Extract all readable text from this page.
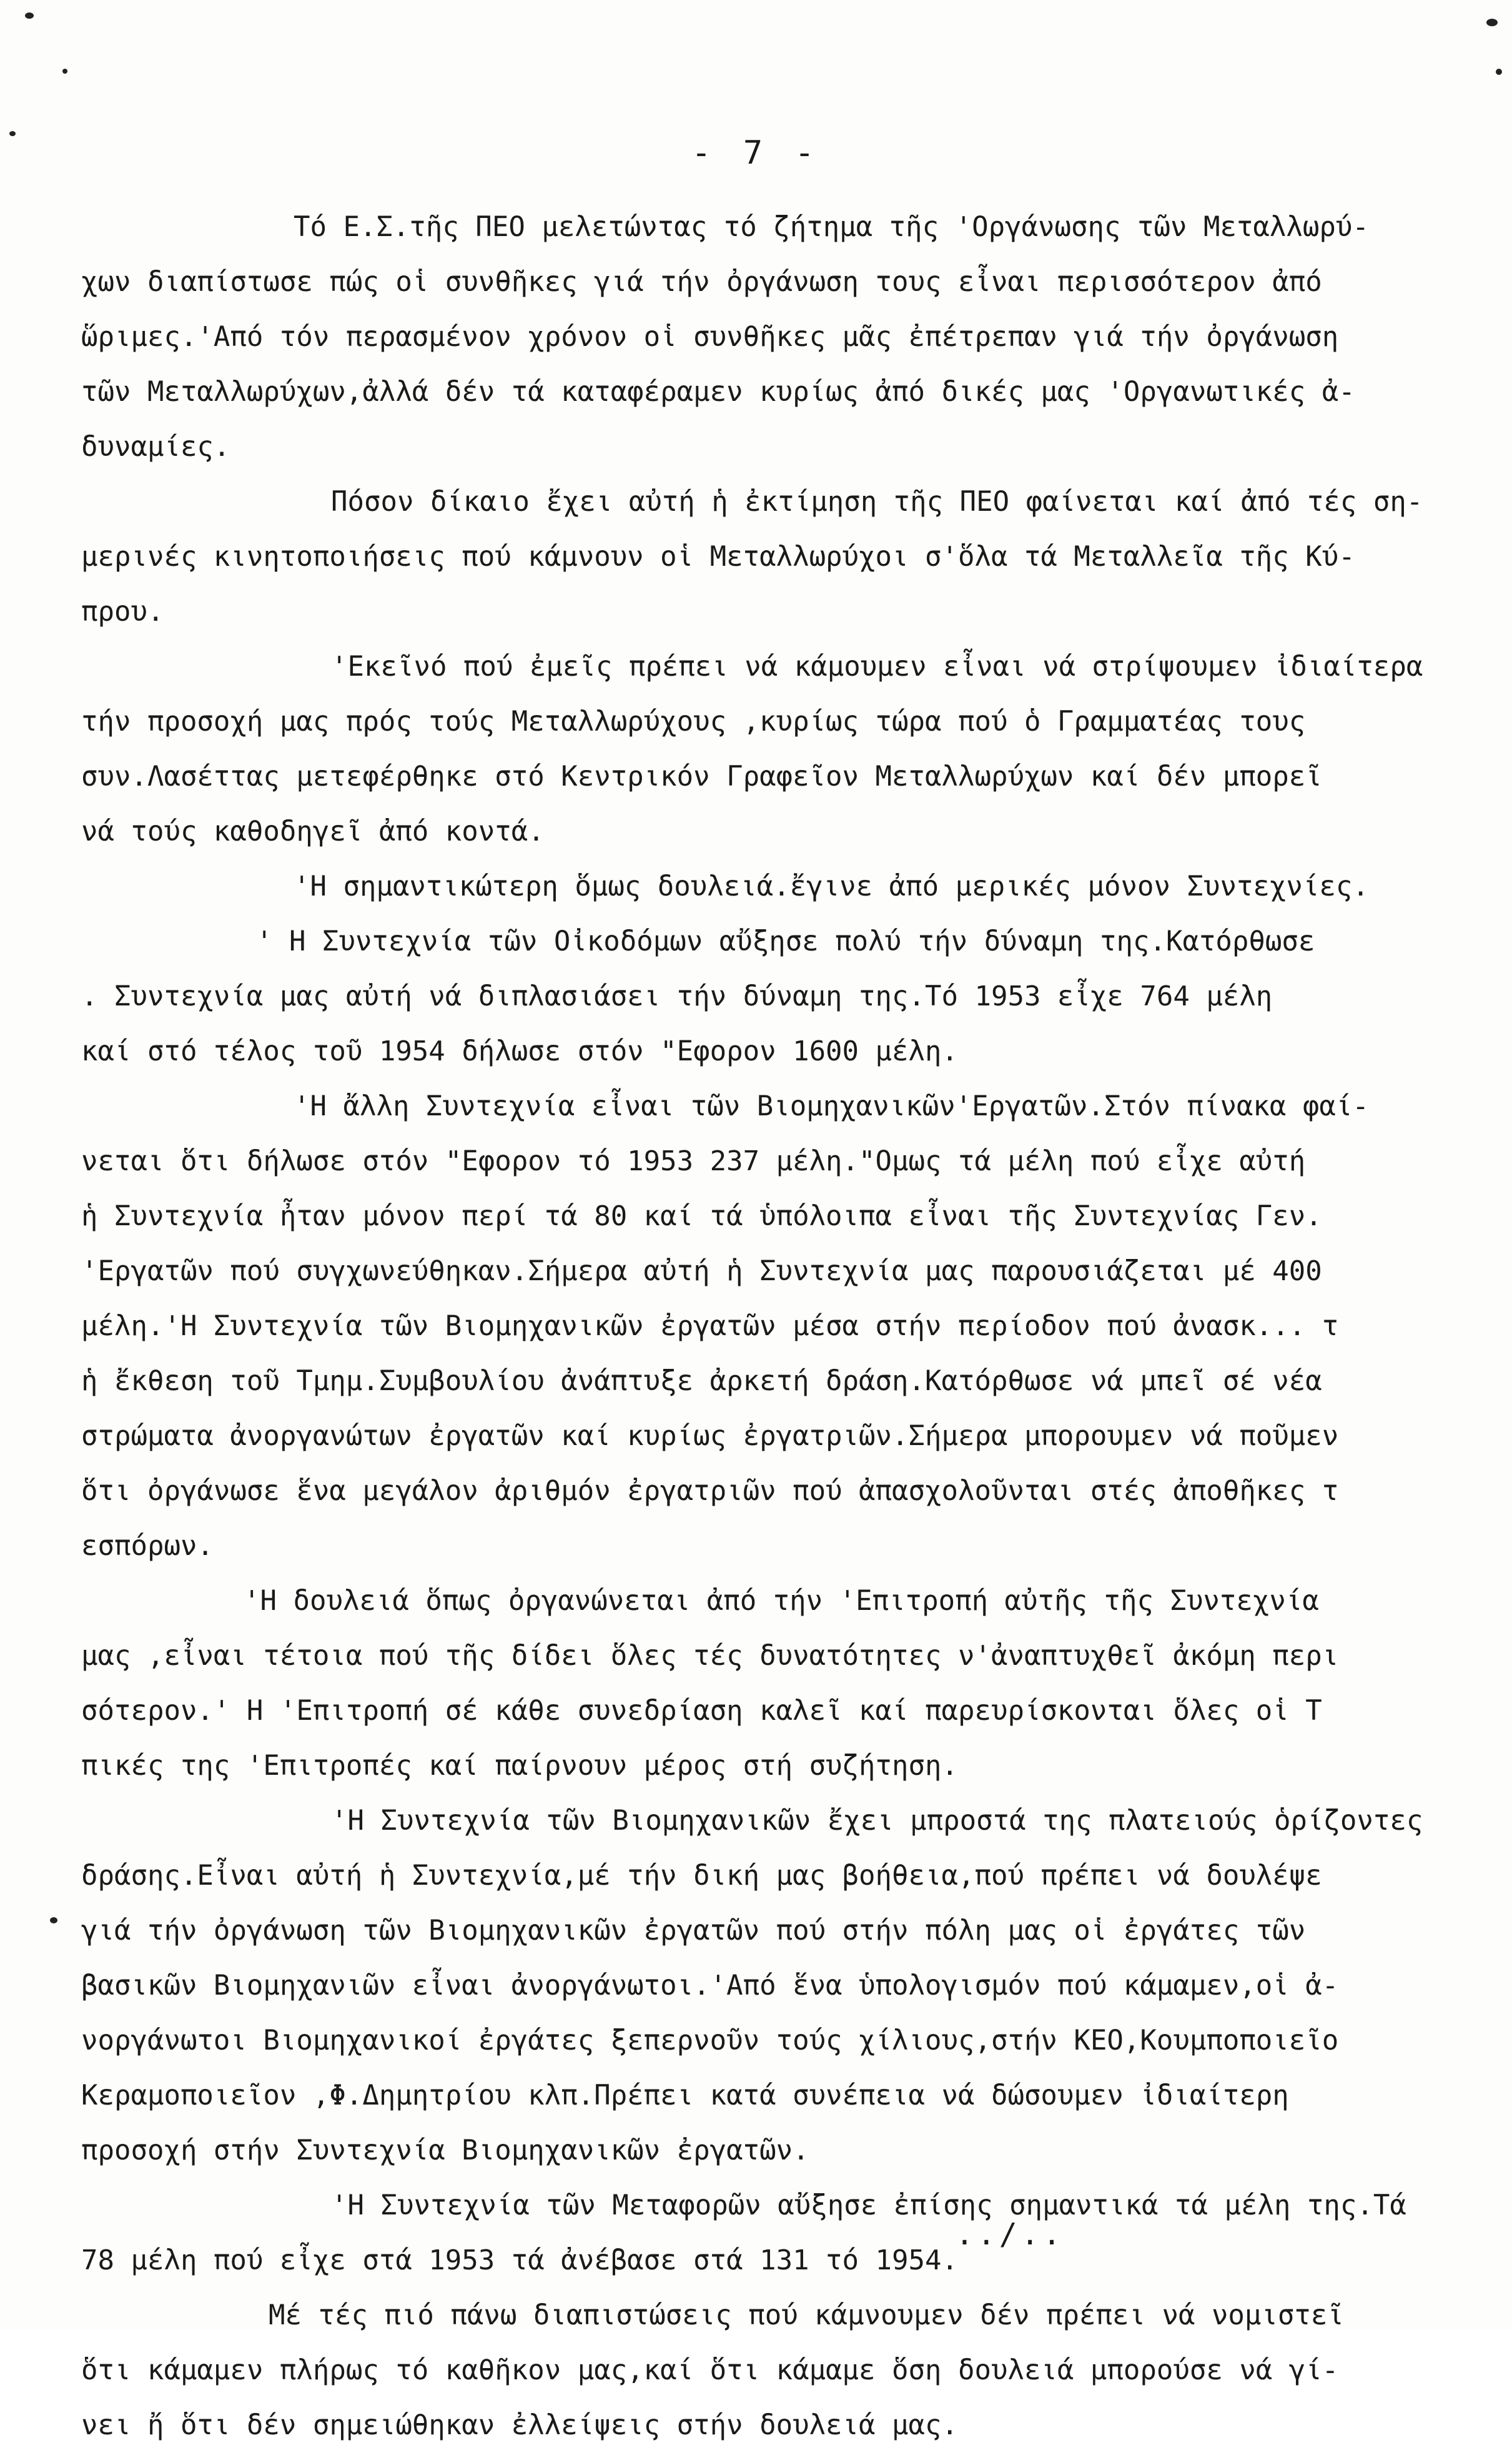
- 7 -
Τό Ε.Σ.τῆς ΠΕΟ μελετώντας τό ζήτημα τῆς 'Οργάνωσης τῶν Μεταλλωρύ-
χων διαπίστωσε πώς οἱ συνθῆκες γιά τήν ὀργάνωση τους εἶναι περισσότερον ἀπό
ὥριμες.'Από τόν περασμένον χρόνον οἱ συνθῆκες μᾶς ἐπέτρεπαν γιά τήν ὀργάνωση
τῶν Μεταλλωρύχων,ἀλλά δέν τά καταφέραμεν κυρίως ἀπό δικές μας 'Οργανωτικές ἀ-
δυναμίες.
Πόσον δίκαιο ἔχει αὐτή ἡ ἐκτίμηση τῆς ΠΕΟ φαίνεται καί ἀπό τές ση-
μερινές κινητοποιήσεις πού κάμνουν οἱ Μεταλλωρύχοι σ'ὅλα τά Μεταλλεῖα τῆς Κύ-
πρου.
'Εκεῖνό πού ἐμεῖς πρέπει νά κάμουμεν εἶναι νά στρίψουμεν ἰδιαίτερα
τήν προσοχή μας πρός τούς Μεταλλωρύχους ,κυρίως τώρα πού ὁ Γραμματέας τους
συν.Λασέττας μετεφέρθηκε στό Κεντρικόν Γραφεῖον Μεταλλωρύχων καί δέν μπορεῖ
νά τούς καθοδηγεῖ ἀπό κοντά.
'Η σημαντικώτερη ὅμως δουλειά.ἔγινε ἀπό μερικές μόνον Συντεχνίες.
' Η Συντεχνία τῶν Οἰκοδόμων αὔξησε πολύ τήν δύναμη της.Κατόρθωσε
. Συντεχνία μας αὐτή νά διπλασιάσει τήν δύναμη της.Τό 1953 εἶχε 764 μέλη
καί στό τέλος τοῦ 1954 δήλωσε στόν "Εφορον 1600 μέλη.
'Η ἄλλη Συντεχνία εἶναι τῶν Βιομηχανικῶν'Εργατῶν.Στόν πίνακα φαί-
νεται ὅτι δήλωσε στόν "Εφορον τό 1953 237 μέλη."Ομως τά μέλη πού εἶχε αὐτή
ἡ Συντεχνία ἦταν μόνον περί τά 80 καί τά ὑπόλοιπα εἶναι τῆς Συντεχνίας Γεν.
'Εργατῶν πού συγχωνεύθηκαν.Σήμερα αὐτή ἡ Συντεχνία μας παρουσιάζεται μέ 400
μέλη.'Η Συντεχνία τῶν Βιομηχανικῶν ἐργατῶν μέσα στήν περίοδον πού ἀνασκ... τ
ἡ ἔκθεση τοῦ Τμημ.Συμβουλίου ἀνάπτυξε ἀρκετή δράση.Κατόρθωσε νά μπεῖ σέ νέα
στρώματα ἀνοργανώτων ἐργατῶν καί κυρίως ἐργατριῶν.Σήμερα μπορουμεν νά ποῦμεν
ὅτι ὀργάνωσε ἕνα μεγάλον ἀριθμόν ἐργατριῶν πού ἀπασχολοῦνται στές ἀποθῆκες τ
εσπόρων.
'Η δουλειά ὅπως ὀργανώνεται ἀπό τήν 'Επιτροπή αὐτῆς τῆς Συντεχνία
μας ,εἶναι τέτοια πού τῆς δίδει ὅλες τές δυνατότητες ν'ἀναπτυχθεῖ ἀκόμη περι
σότερον.' Η 'Επιτροπή σέ κάθε συνεδρίαση καλεῖ καί παρευρίσκονται ὅλες οἱ Τ
πικές της 'Επιτροπές καί παίρνουν μέρος στή συζήτηση.
'Η Συντεχνία τῶν Βιομηχανικῶν ἔχει μπροστά της πλατειούς ὁρίζοντες
δράσης.Εἶναι αὐτή ἡ Συντεχνία,μέ τήν δική μας βοήθεια,πού πρέπει νά δουλέψε
γιά τήν ὀργάνωση τῶν Βιομηχανικῶν ἐργατῶν πού στήν πόλη μας οἱ ἐργάτες τῶν
βασικῶν Βιομηχανιῶν εἶναι ἀνοργάνωτοι.'Από ἕνα ὑπολογισμόν πού κάμαμεν,οἱ ἀ-
νοργάνωτοι Βιομηχανικοί ἐργάτες ξεπερνοῦν τούς χίλιους,στήν ΚΕΟ,Κουμποποιεῖο
Κεραμοποιεῖον ,Φ.Δημητρίου κλπ.Πρέπει κατά συνέπεια νά δώσουμεν ἰδιαίτερη
προσοχή στήν Συντεχνία Βιομηχανικῶν ἐργατῶν.
'Η Συντεχνία τῶν Μεταφορῶν αὔξησε ἐπίσης σημαντικά τά μέλη της.Τά
78 μέλη πού εἶχε στά 1953 τά ἀνέβασε στά 131 τό 1954.
Μέ τές πιό πάνω διαπιστώσεις πού κάμνουμεν δέν πρέπει νά νομιστεῖ
ὅτι κάμαμεν πλήρως τό καθῆκον μας,καί ὅτι κάμαμε ὅση δουλειά μπορούσε νά γί-
νει ἤ ὅτι δέν σημειώθηκαν ἐλλείψεις στήν δουλειά μας.
../..
